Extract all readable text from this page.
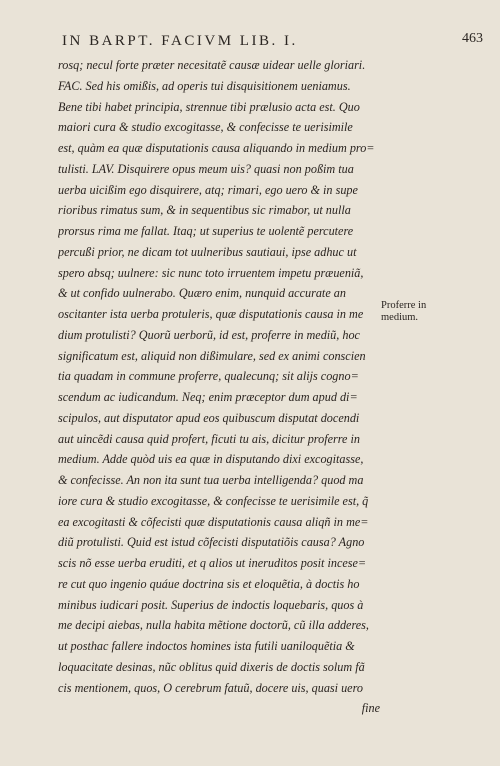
IN BARPT. FACIVM LIB. I.	463
rosq; necul forte præter necesitatẽ causæ uidear uelle gloriari.
FAC. Sed his omißis, ad operis tui disquisitionem ueniamus.
Bene tibi habet principia, strennue tibi prælusio acta est. Quo
maiori cura & studio excogitasse, & confecisse te uerisimile
est, quàm ea quæ disputationis causa aliquando in medium pro=
tulisti. LAV. Disquirere opus meum uis? quasi non poßim tua
uerba uicißim ego disquirere, atq; rimari, ego uero & in supe
rioribus rimatus sum, & in sequentibus sic rimabor, ut nulla
prorsus rima me fallat. Itaq; ut superius te uolentẽ percutere
percußi prior, ne dicam tot uulneribus sautiaui, ipse adhuc ut
spero absq; uulnere: sic nunc toto irruentem impetu præueniã,
& ut confido uulnerabo. Quæro enim, nunquid accurate an
oscitanter ista uerba protuleris, quæ disputationis causa in me
dium protulisti? Quorũ uerborũ, id est, proferre in mediũ, hoc
significatum est, aliquid non dißimulare, sed ex animi conscien
tia quadam in commune proferre, qualecunq; sit alijs cogno=
scendum ac iudicandum. Neq; enim præceptor dum apud di=
scipulos, aut disputator apud eos quibuscum disputat docendi
aut uincẽdi causa quid profert, ficuti tu ais, dicitur proferre in
medium. Adde quòd uis ea quæ in disputando dixi excogitasse,
& confecisse. An non ita sunt tua uerba intelligenda? quod ma
iore cura & studio excogitasse, & confecisse te uerisimile est, q̃
ea excogitasti & cõfecisti quæ disputationis causa aliqñ in me=
diũ protulisti. Quid est istud cõfecisti disputatiõis causa? Agno
scis nõ esse uerba eruditi, et q alios ut ineruditos posit incese=
re cut quo ingenio quáue doctrina sis et eloquẽtia, à doctis ho
minibus iudicari posit. Superius de indoctis loquebaris, quos à
me decipi aiebas, nulla habita mẽtione doctorũ, cũ illa adderes,
ut posthac fallere indoctos homines ista futili uaniloquẽtia &
loquacitate desinas, nũc oblitus quid dixeris de doctis solum fã
cis mentionem, quos, O cerebrum fatuũ, docere uis, quasi uero
fine
Proferre in
medium.
